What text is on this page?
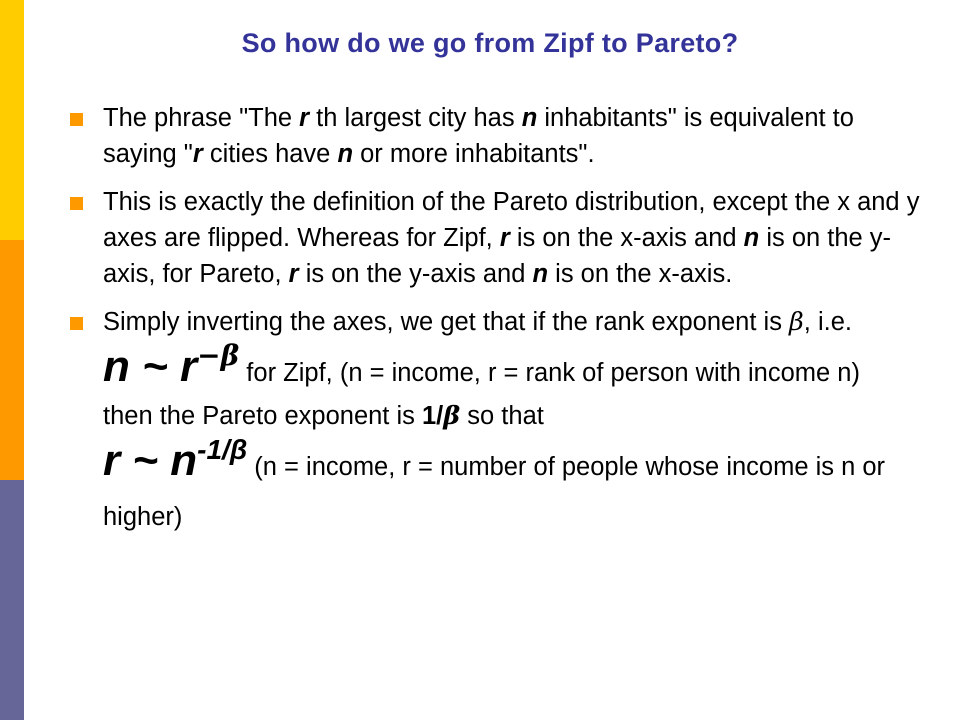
So how do we go from Zipf to Pareto?
The phrase "The r th largest city has n inhabitants" is equivalent to saying "r cities have n or more inhabitants".
This is exactly the definition of the Pareto distribution, except the x and y axes are flipped. Whereas for Zipf, r is on the x-axis and n is on the y-axis, for Pareto, r is on the y-axis and n is on the x-axis.
Simply inverting the axes, we get that if the rank exponent is β, i.e.
n ~ r−β for Zipf, (n = income, r = rank of person with income n)
then the Pareto exponent is 1/β so that
r ~ n-1/β (n = income, r = number of people whose income is n or higher)
